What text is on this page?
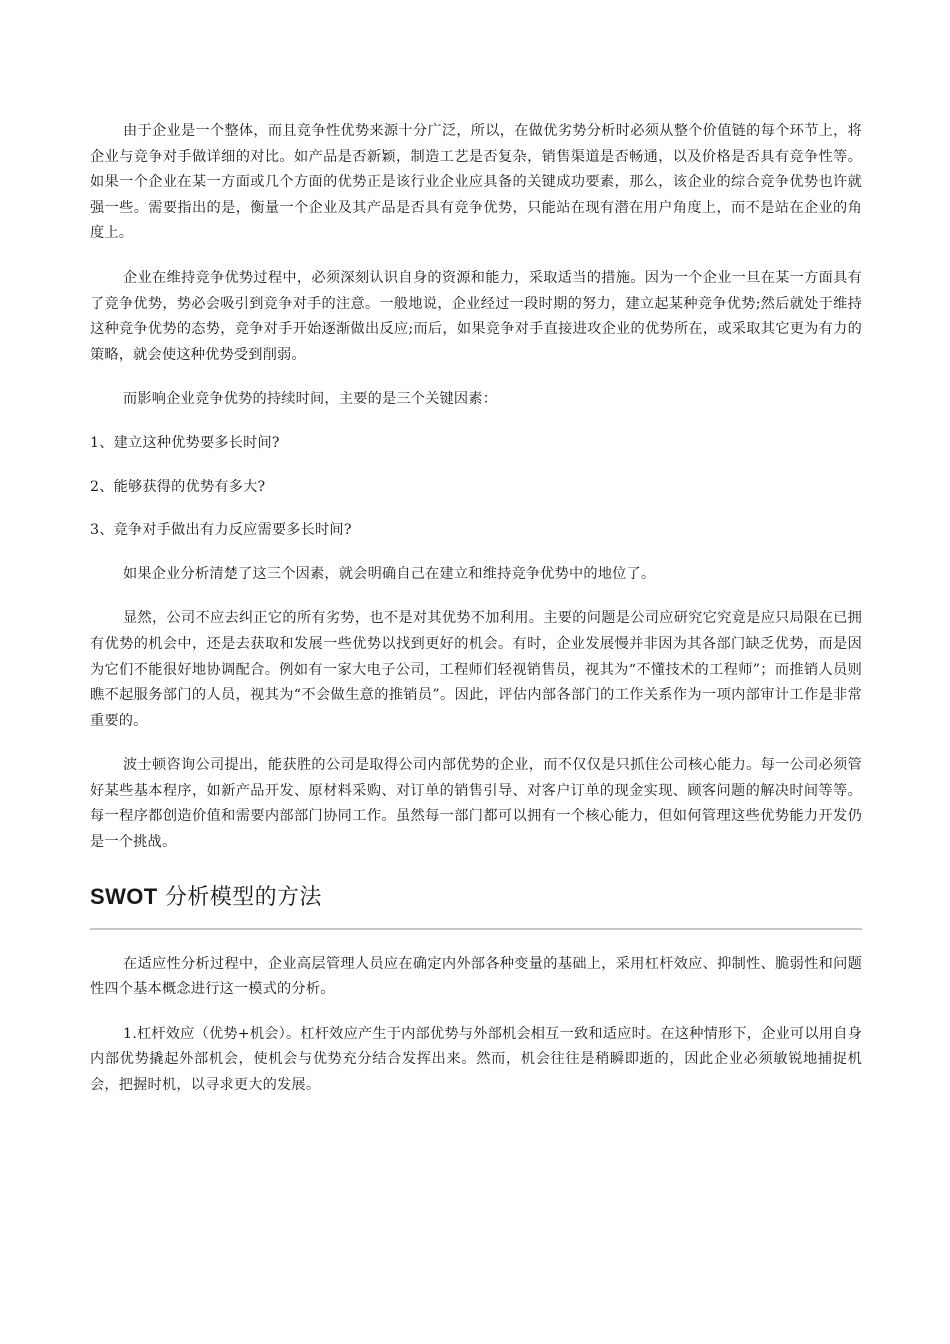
由于企业是一个整体，而且竞争性优势来源十分广泛，所以，在做优劣势分析时必须从整个价值链的每个环节上，将企业与竞争对手做详细的对比。如产品是否新颖，制造工艺是否复杂，销售渠道是否畅通，以及价格是否具有竞争性等。如果一个企业在某一方面或几个方面的优势正是该行业企业应具备的关键成功要素，那么，该企业的综合竞争优势也许就强一些。需要指出的是，衡量一个企业及其产品是否具有竞争优势，只能站在现有潜在用户角度上，而不是站在企业的角度上。

企业在维持竞争优势过程中，必须深刻认识自身的资源和能力，采取适当的措施。因为一个企业一旦在某一方面具有了竞争优势，势必会吸引到竞争对手的注意。一般地说，企业经过一段时期的努力，建立起某种竞争优势;然后就处于维持这种竞争优势的态势，竞争对手开始逐渐做出反应;而后，如果竞争对手直接进攻企业的优势所在，或采取其它更为有力的策略，就会使这种优势受到削弱。

而影响企业竞争优势的持续时间，主要的是三个关键因素：

1、建立这种优势要多长时间?

2、能够获得的优势有多大?

3、竞争对手做出有力反应需要多长时间?

如果企业分析清楚了这三个因素，就会明确自己在建立和维持竞争优势中的地位了。

显然，公司不应去纠正它的所有劣势，也不是对其优势不加利用。主要的问题是公司应研究它究竟是应只局限在已拥有优势的机会中，还是去获取和发展一些优势以找到更好的机会。有时，企业发展慢并非因为其各部门缺乏优势，而是因为它们不能很好地协调配合。例如有一家大电子公司，工程师们轻视销售员，视其为“不懂技术的工程师”；而推销人员则瞧不起服务部门的人员，视其为“不会做生意的推销员”。因此，评估内部各部门的工作关系作为一项内部审计工作是非常重要的。

波士顿咨询公司提出，能获胜的公司是取得公司内部优势的企业，而不仅仅是只抓住公司核心能力。每一公司必须管好某些基本程序，如新产品开发、原材料采购、对订单的销售引导、对客户订单的现金实现、顾客问题的解决时间等等。每一程序都创造价值和需要内部部门协同工作。虽然每一部门都可以拥有一个核心能力，但如何管理这些优势能力开发仍是一个挑战。

SWOT 分析模型的方法

在适应性分析过程中，企业高层管理人员应在确定内外部各种变量的基础上，采用杠杆效应、抑制性、脆弱性和问题性四个基本概念进行这一模式的分析。

1.杠杆效应（优势+机会）。杠杆效应产生于内部优势与外部机会相互一致和适应时。在这种情形下，企业可以用自身内部优势撬起外部机会，使机会与优势充分结合发挥出来。然而，机会往往是稍瞬即逝的，因此企业必须敏锐地捕捉机会，把握时机，以寻求更大的发展。
